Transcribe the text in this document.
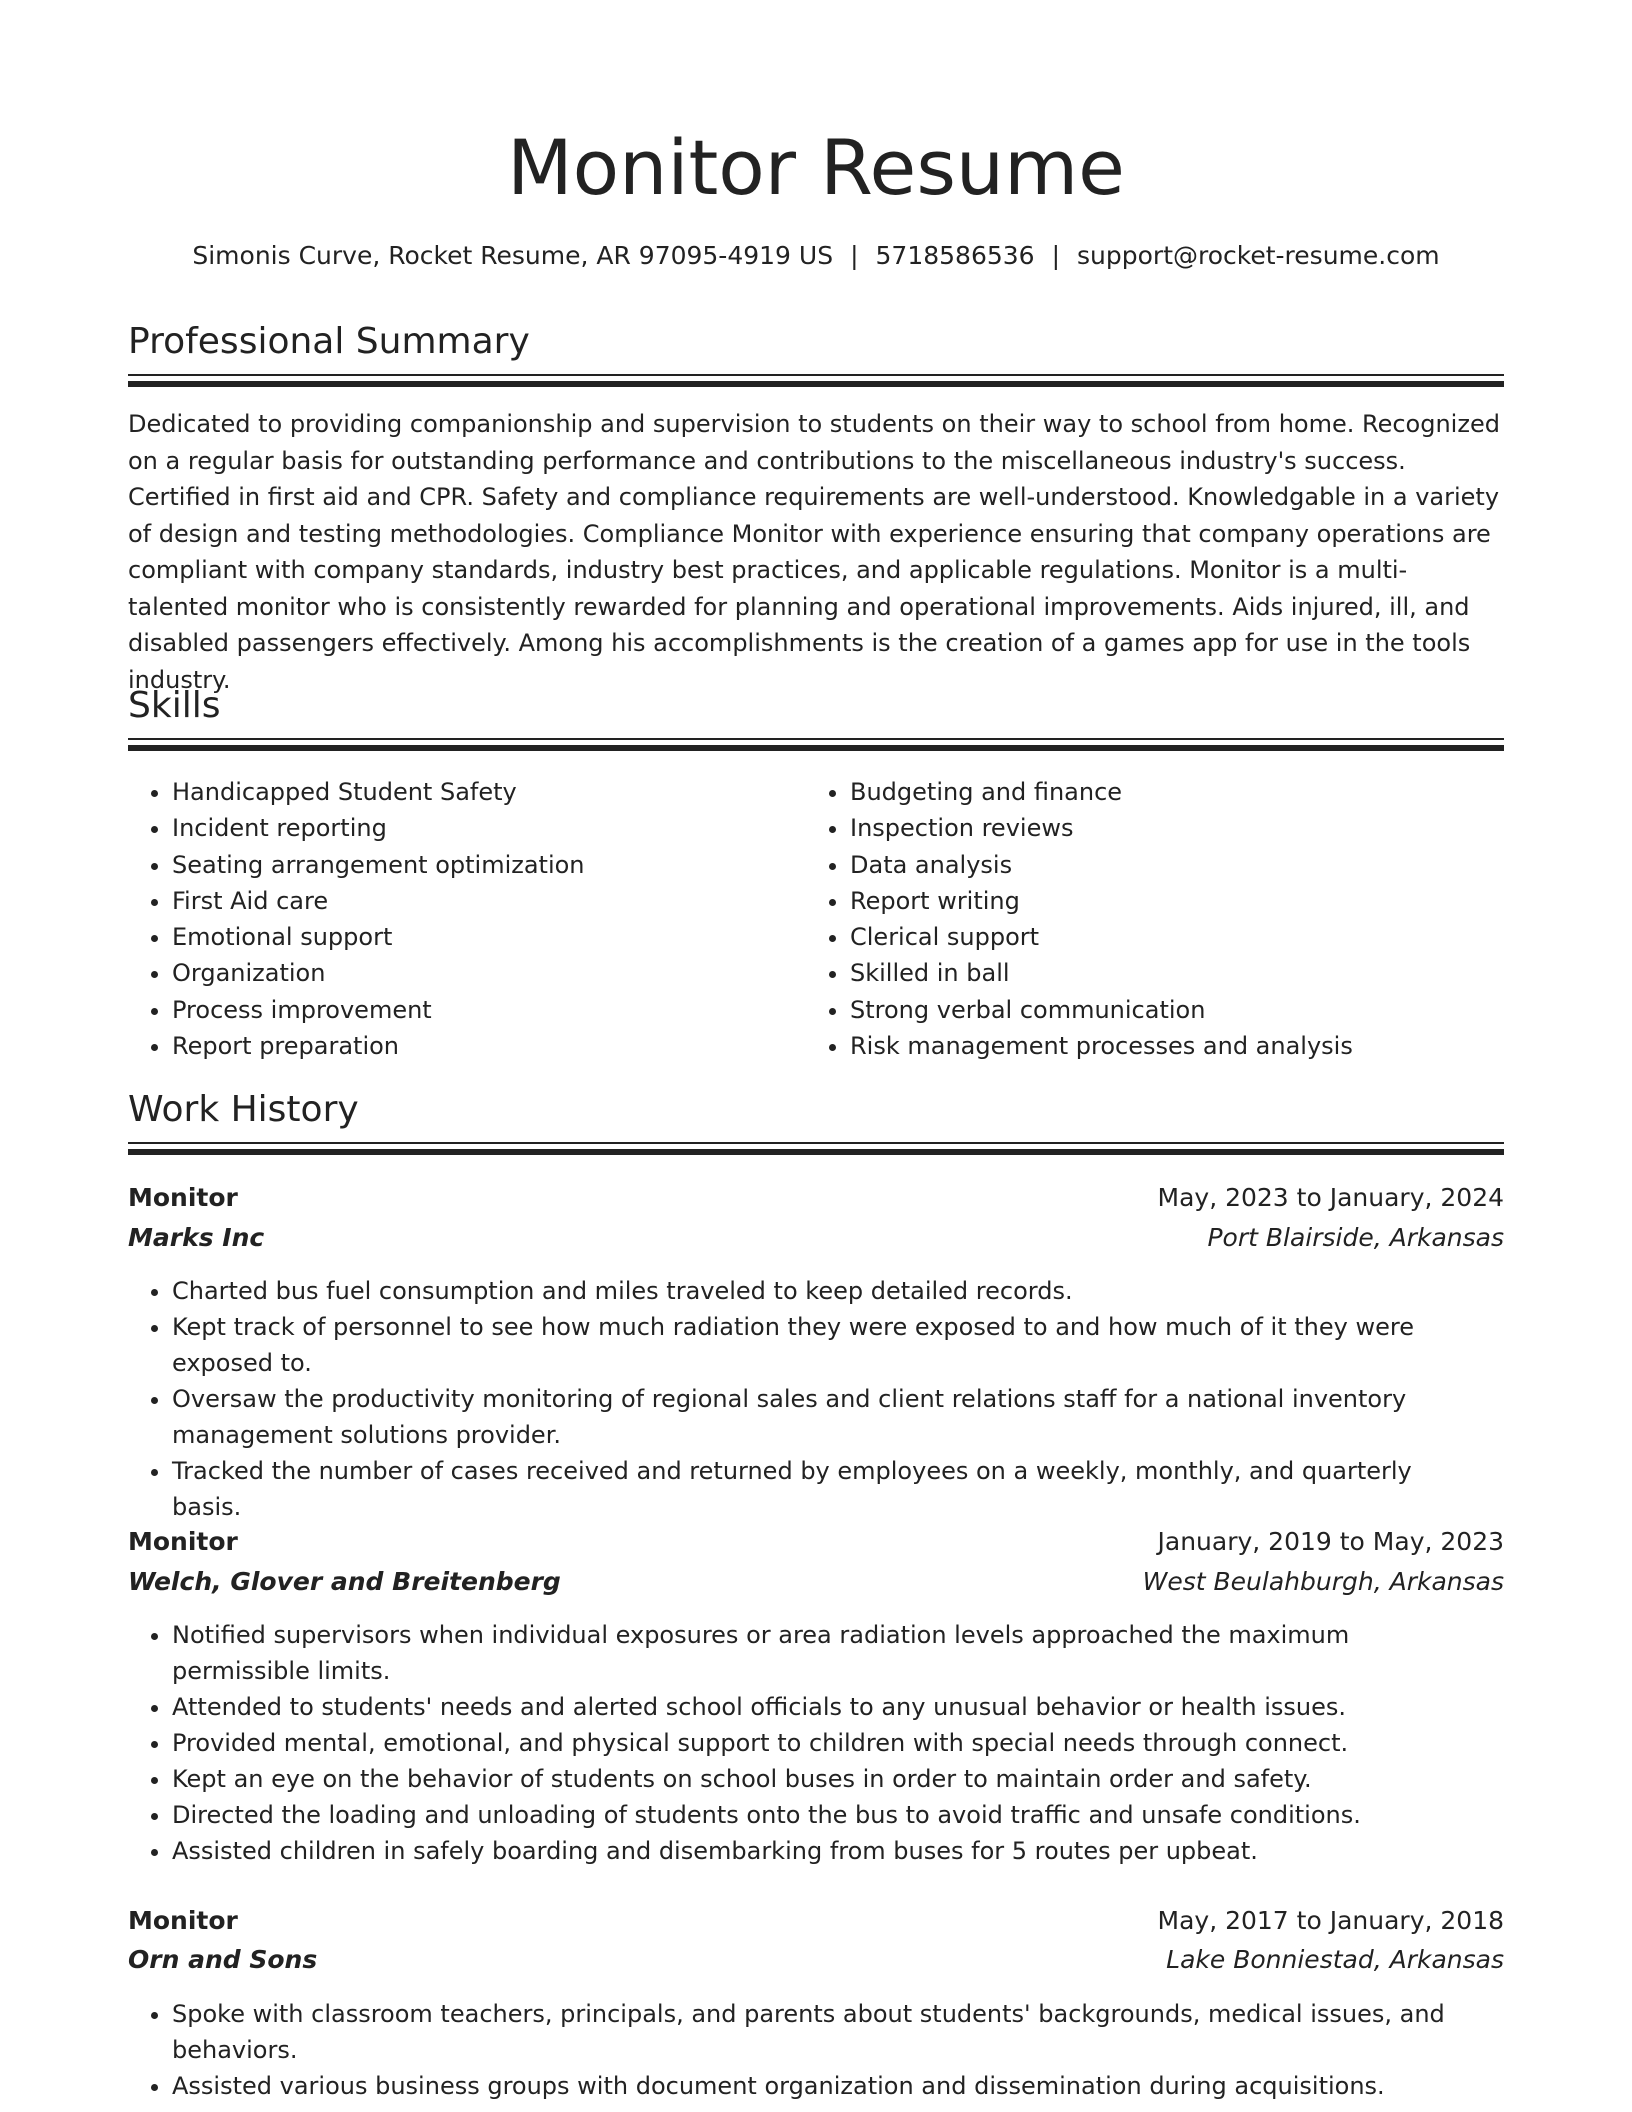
Monitor Resume
Simonis Curve, Rocket Resume, AR 97095-4919 US | 5718586536 | support@rocket-resume.com
Professional Summary

Dedicated to providing companionship and supervision to students on their way to school from home. Recognized on a regular basis for outstanding performance and contributions to the miscellaneous industry's success. Certified in first aid and CPR. Safety and compliance requirements are well-understood. Knowledgable in a variety of design and testing methodologies. Compliance Monitor with experience ensuring that company operations are compliant with company standards, industry best practices, and applicable regulations. Monitor is a multi-talented monitor who is consistently rewarded for planning and operational improvements. Aids injured, ill, and disabled passengers effectively. Among his accomplishments is the creation of a games app for use in the tools industry.

Skills
• Handicapped Student Safety
• Incident reporting
• Seating arrangement optimization
• First Aid care
• Emotional support
• Organization
• Process improvement
• Report preparation
• Budgeting and finance
• Inspection reviews
• Data analysis
• Report writing
• Clerical support
• Skilled in ball
• Strong verbal communication
• Risk management processes and analysis
Work History
Monitor	May, 2023 to January, 2024
Marks Inc	Port Blairside, Arkansas
• Charted bus fuel consumption and miles traveled to keep detailed records.
• Kept track of personnel to see how much radiation they were exposed to and how much of it they were exposed to.
• Oversaw the productivity monitoring of regional sales and client relations staff for a national inventory management solutions provider.
• Tracked the number of cases received and returned by employees on a weekly, monthly, and quarterly basis.
Monitor	January, 2019 to May, 2023
Welch, Glover and Breitenberg	West Beulahburgh, Arkansas
• Notified supervisors when individual exposures or area radiation levels approached the maximum permissible limits.
• Attended to students' needs and alerted school officials to any unusual behavior or health issues.
• Provided mental, emotional, and physical support to children with special needs through connect.
• Kept an eye on the behavior of students on school buses in order to maintain order and safety.
• Directed the loading and unloading of students onto the bus to avoid traffic and unsafe conditions.
• Assisted children in safely boarding and disembarking from buses for 5 routes per upbeat.
Monitor	May, 2017 to January, 2018
Orn and Sons	Lake Bonniestad, Arkansas
• Spoke with classroom teachers, principals, and parents about students' backgrounds, medical issues, and behaviors.
• Assisted various business groups with document organization and dissemination during acquisitions.
